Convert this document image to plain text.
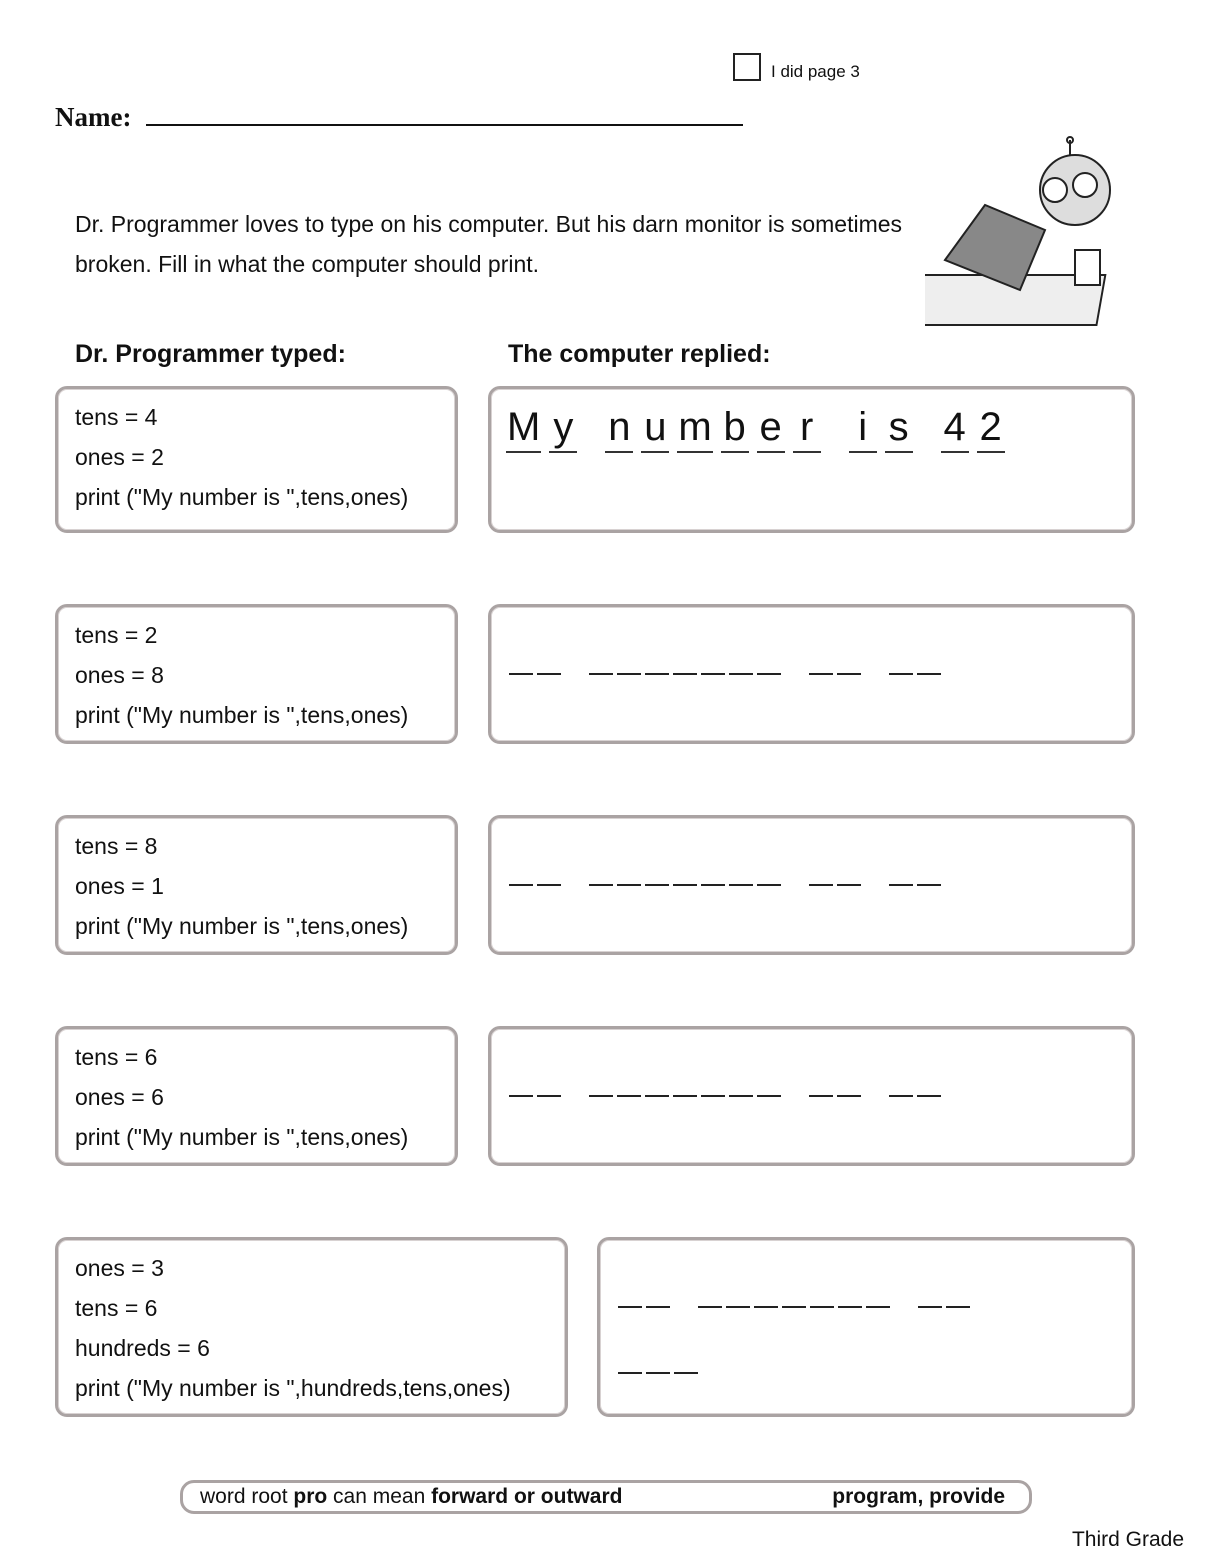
I did page 3
Name:
Dr. Programmer loves to type on his computer. But his darn monitor is sometimes broken. Fill in what the computer should print.
Dr. Programmer typed:	The computer replied:
tens = 4
ones = 2
print ("My number is ",tens,ones)
M y n u m b e r i s 4 2
tens = 2
ones = 8
print ("My number is ",tens,ones)
tens = 8
ones = 1
print ("My number is ",tens,ones)
tens = 6
ones = 6
print ("My number is ",tens,ones)
ones = 3
tens = 6
hundreds = 6
print ("My number is ",hundreds,tens,ones)
word root pro can mean forward or outward	program, provide
Third Grade
